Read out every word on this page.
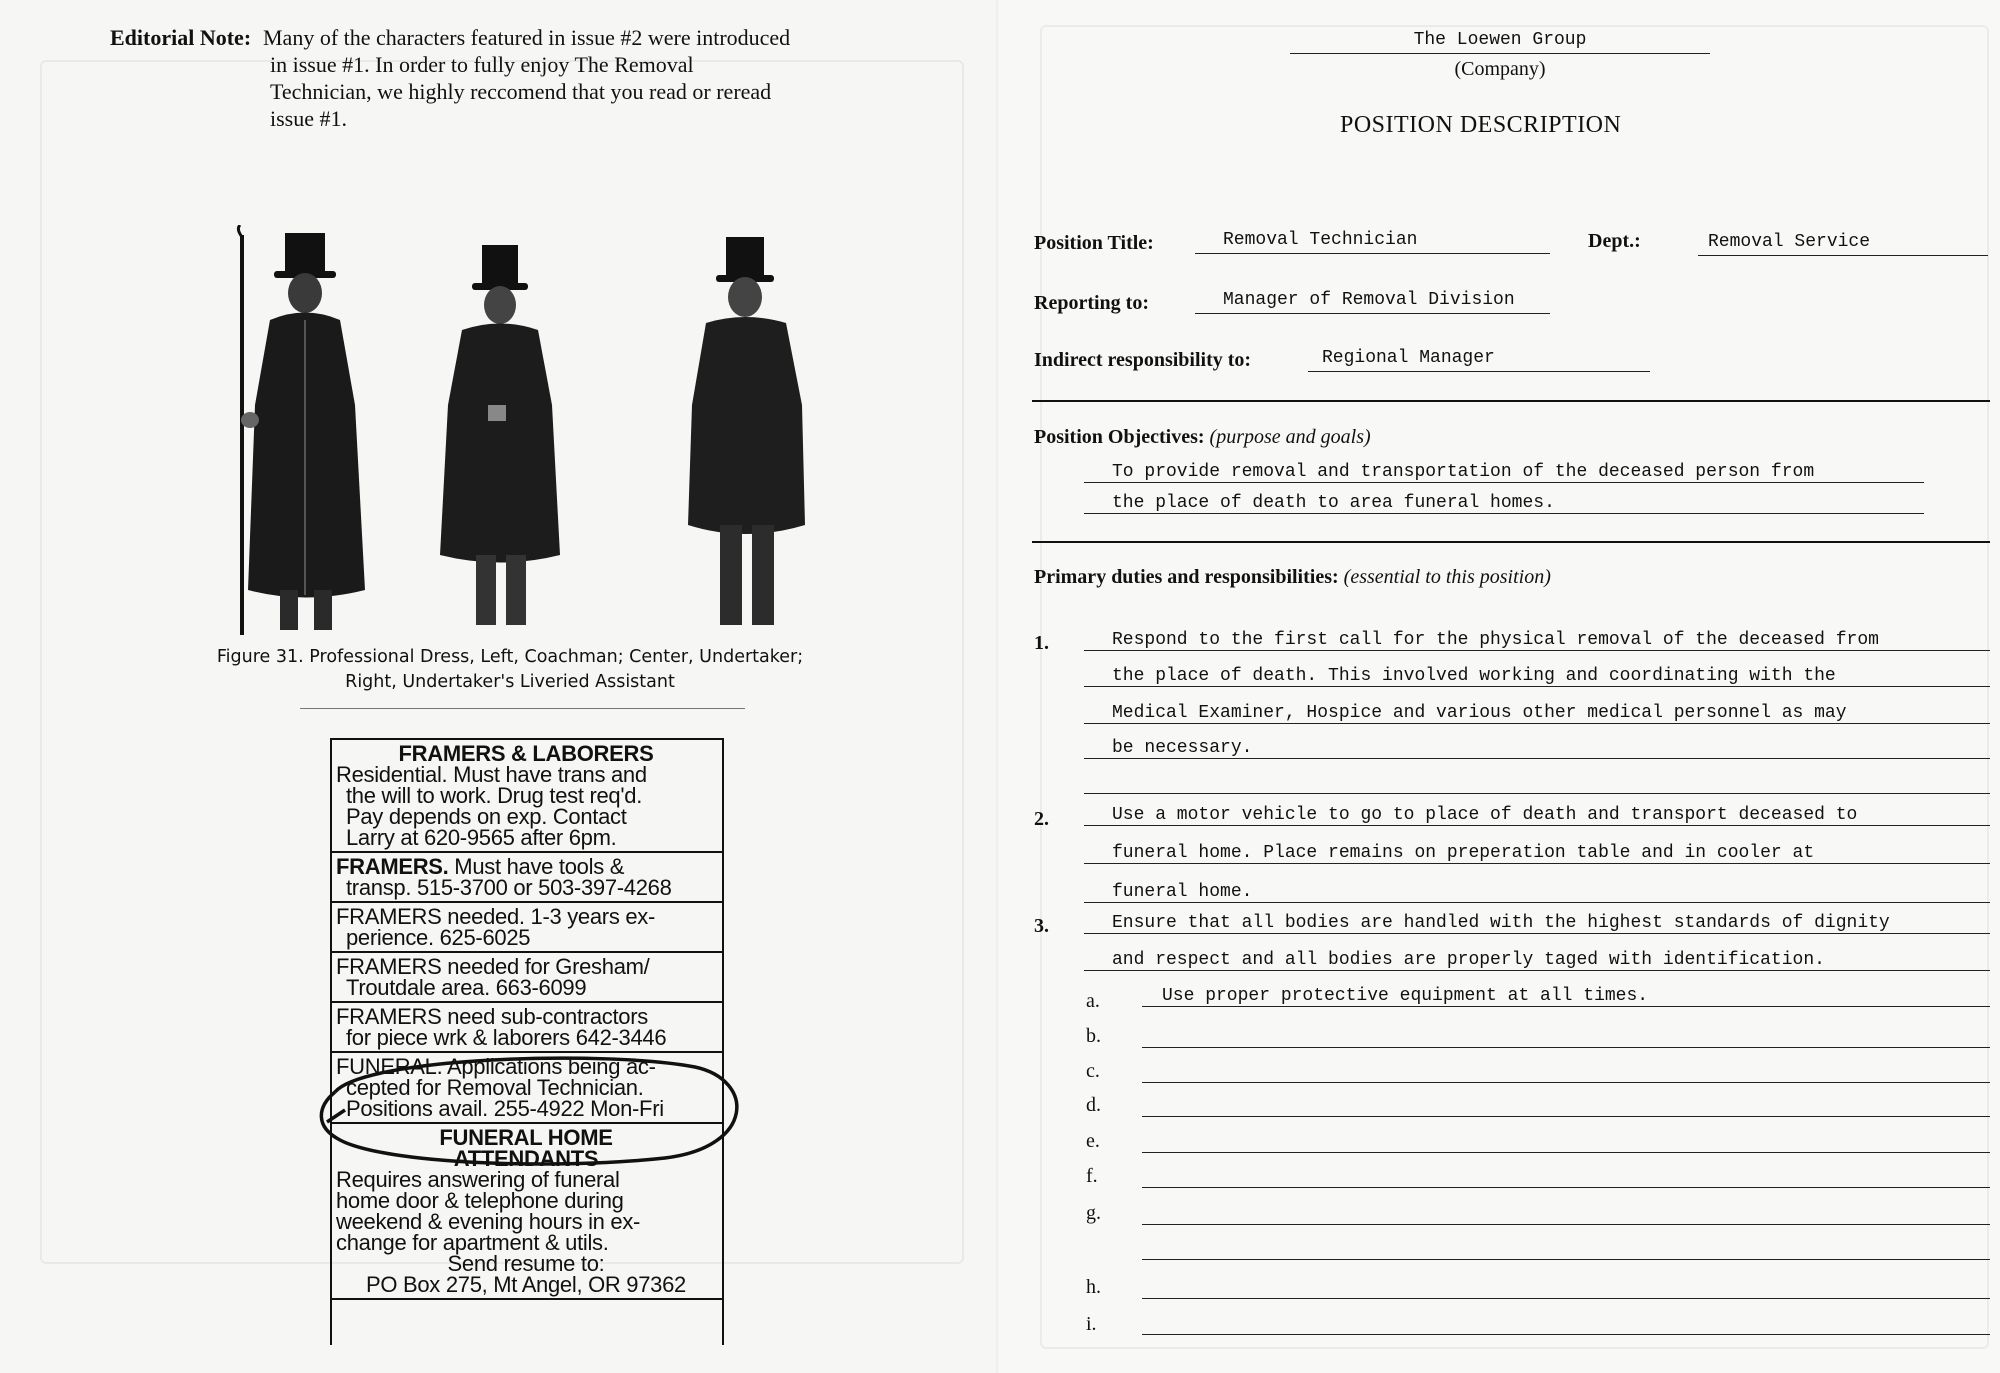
Editorial Note: Many of the characters featured in issue #2 were introduced
in issue #1. In order to fully enjoy The Removal
Technician, we highly reccomend that you read or reread
issue #1.
Figure 31. Professional Dress, Left, Coachman; Center, Undertaker;
Right, Undertaker's Liveried Assistant
FRAMERS & LABORERS
Residential. Must have trans and
the will to work. Drug test req'd.
Pay depends on exp. Contact
Larry at 620-9565 after 6pm.
FRAMERS. Must have tools &
transp. 515-3700 or 503-397-4268
FRAMERS needed. 1-3 years ex-
perience. 625-6025
FRAMERS needed for Gresham/
Troutdale area. 663-6099
FRAMERS need sub-contractors
for piece wrk & laborers 642-3446
FUNERAL. Applications being ac-
cepted for Removal Technician.
Positions avail. 255-4922 Mon-Fri
FUNERAL HOME
ATTENDANTS
Requires answering of funeral
home door & telephone during
weekend & evening hours in ex-
change for apartment & utils.
Send resume to:
PO Box 275, Mt Angel, OR 97362
The Loewen Group
(Company)
POSITION DESCRIPTION
Position Title:	Removal Technician	Dept.:	Removal Service
Reporting to:	Manager of Removal Division
Indirect responsibility to:	Regional Manager
Position Objectives: (purpose and goals)
To provide removal and transportation of the deceased person from
the place of death to area funeral homes.
Primary duties and responsibilities: (essential to this position)
1.	Respond to the first call for the physical removal of the deceased from
the place of death. This involved working and coordinating with the
Medical Examiner, Hospice and various other medical personnel as may
be necessary.
2.	Use a motor vehicle to go to place of death and transport deceased to
funeral home. Place remains on preperation table and in cooler at
funeral home.
3.	Ensure that all bodies are handled with the highest standards of dignity
and respect and all bodies are properly taged with identification.
a.	Use proper protective equipment at all times.
b.
c.
d.
e.
f.
g.
h.
i.
